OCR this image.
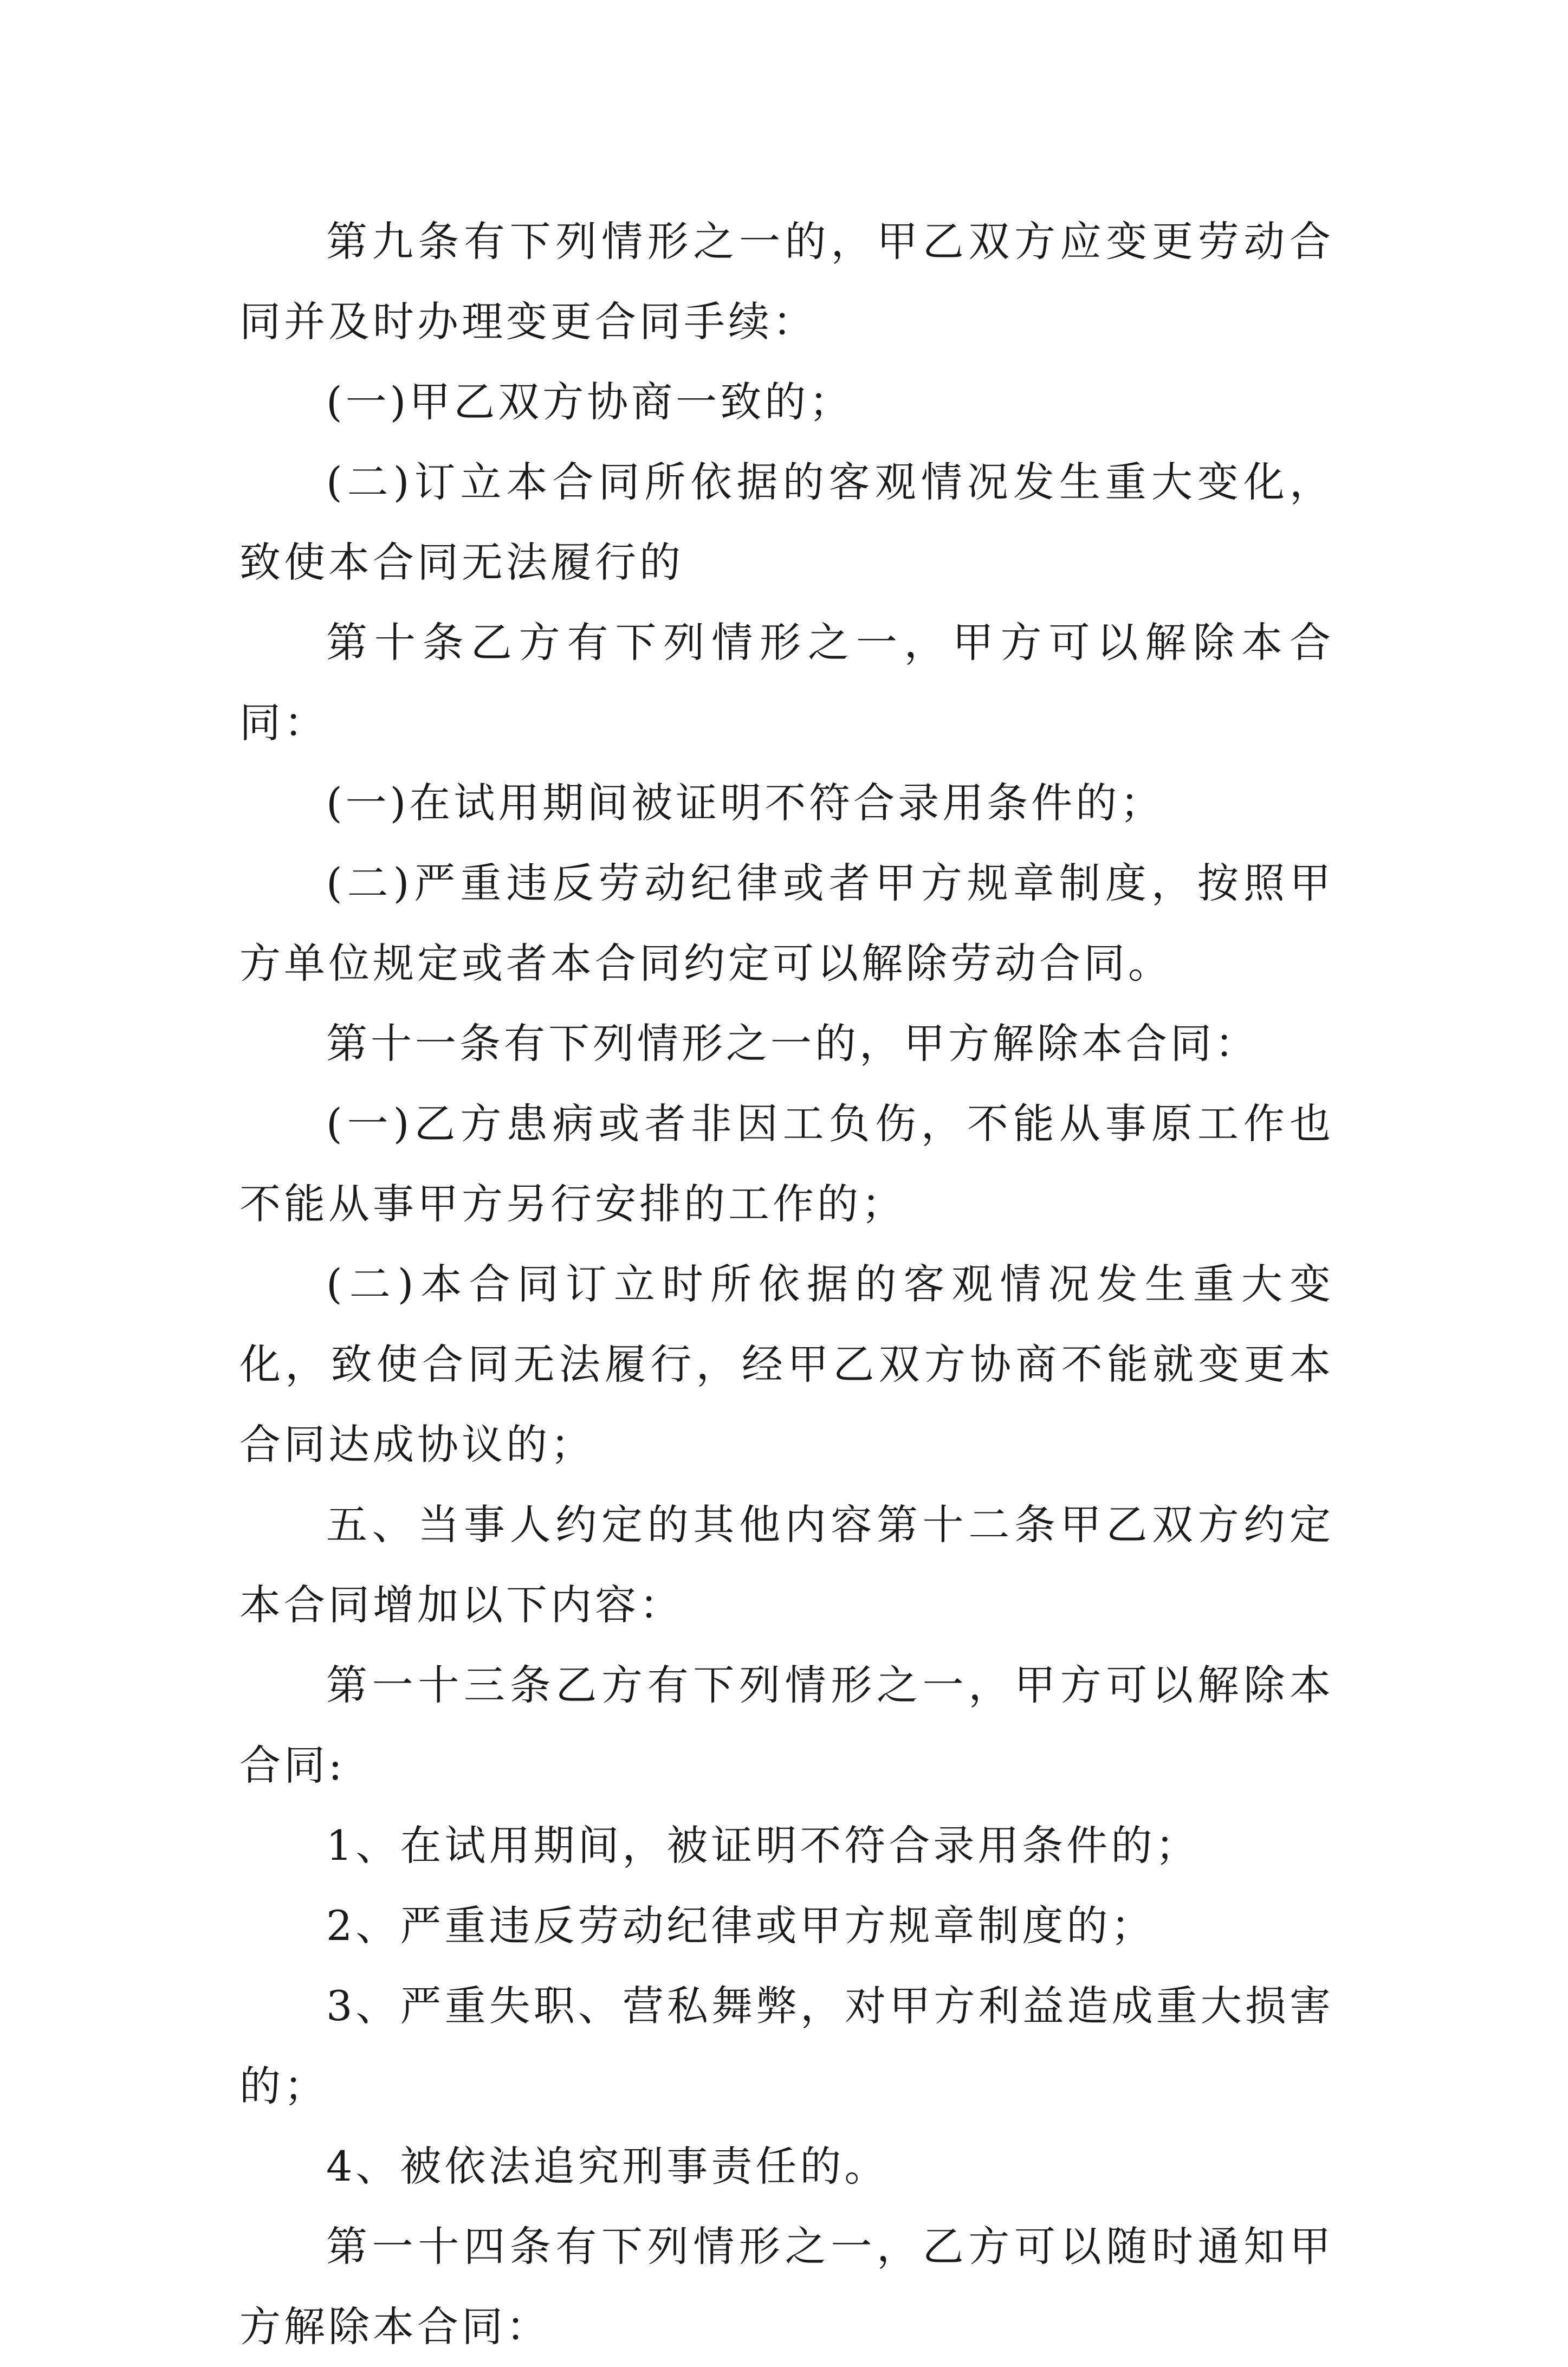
第九条有下列情形之一的，甲乙双方应变更劳动合同并及时办理变更合同手续：

(一)甲乙双方协商一致的；

(二)订立本合同所依据的客观情况发生重大变化，致使本合同无法履行的

第十条乙方有下列情形之一，甲方可以解除本合同：

(一)在试用期间被证明不符合录用条件的；

(二)严重违反劳动纪律或者甲方规章制度，按照甲方单位规定或者本合同约定可以解除劳动合同。

第十一条有下列情形之一的，甲方解除本合同：

(一)乙方患病或者非因工负伤，不能从事原工作也不能从事甲方另行安排的工作的；

(二)本合同订立时所依据的客观情况发生重大变化，致使合同无法履行，经甲乙双方协商不能就变更本合同达成协议的；

五、当事人约定的其他内容第十二条甲乙双方约定本合同增加以下内容：

第一十三条乙方有下列情形之一，甲方可以解除本合同:

1、在试用期间，被证明不符合录用条件的；

2、严重违反劳动纪律或甲方规章制度的；

3、严重失职、营私舞弊，对甲方利益造成重大损害的；

4、被依法追究刑事责任的。

第一十四条有下列情形之一，乙方可以随时通知甲方解除本合同：
